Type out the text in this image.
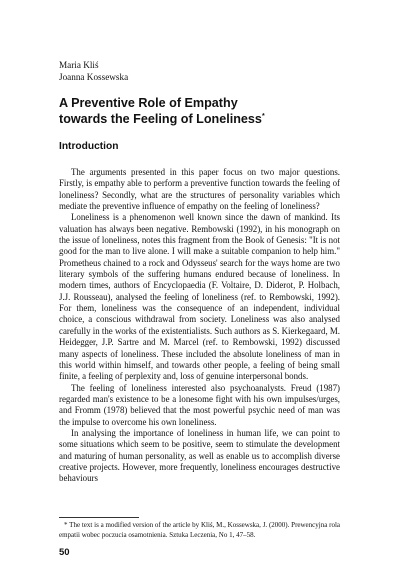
Maria Kliś
Joanna Kossewska
A Preventive Role of Empathy
towards the Feeling of Loneliness*
Introduction

The arguments presented in this paper focus on two major questions. Firstly, is empathy able to perform a preventive function towards the feeling of loneliness? Secondly, what are the structures of personality variables which mediate the preventive influence of empathy on the feeling of loneliness?

Loneliness is a phenomenon well known since the dawn of mankind. Its valuation has always been negative. Rembowski (1992), in his monograph on the issue of loneliness, notes this fragment from the Book of Genesis: "It is not good for the man to live alone. I will make a suitable companion to help him." Prometheus chained to a rock and Odysseus' search for the ways home are two literary symbols of the suffering humans endured because of loneliness. In modern times, authors of Encyclopaedia (F. Voltaire, D. Diderot, P. Holbach, J.J. Rousseau), analysed the feeling of loneliness (ref. to Rembowski, 1992). For them, loneliness was the consequence of an independent, individual choice, a conscious withdrawal from society. Loneliness was also analysed carefully in the works of the existentialists. Such authors as S. Kierkegaard, M. Heidegger, J.P. Sartre and M. Marcel (ref. to Rembowski, 1992) discussed many aspects of loneliness. These included the absolute loneliness of man in this world within himself, and towards other people, a feeling of being small finite, a feeling of perplexity and, loss of genuine interpersonal bonds.

The feeling of loneliness interested also psychoanalysts. Freud (1987) regarded man's existence to be a lonesome fight with his own impulses/urges, and Fromm (1978) believed that the most powerful psychic need of man was the impulse to overcome his own loneliness.

In analysing the importance of loneliness in human life, we can point to some situations which seem to be positive, seem to stimulate the development and maturing of human personality, as well as enable us to accomplish diverse creative projects. However, more frequently, loneliness encourages destructive behaviours

* The text is a modified version of the article by Kliś, M., Kossewska, J. (2000). Prewencyjna rola empatii wobec poczucia osamotnienia. Sztuka Leczenia, No 1, 47–58.
50
